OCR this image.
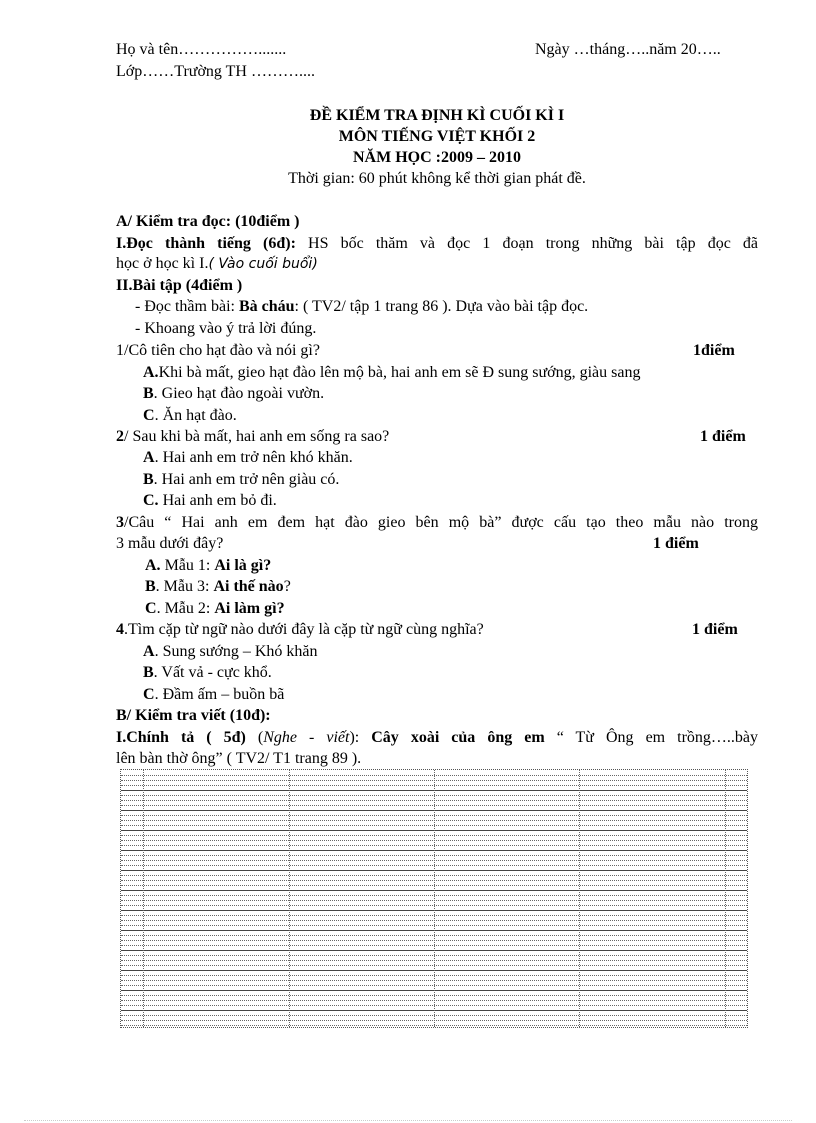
Họ và tên…………….......	Ngày …tháng…..năm 20…..
Lớp……Trường TH ………....
ĐỀ KIỂM TRA ĐỊNH KÌ CUỐI KÌ I
MÔN TIẾNG VIỆT KHỐI 2
NĂM HỌC :2009 – 2010
Thời gian: 60 phút không kể thời gian phát đề.
A/ Kiểm tra đọc: (10điểm )
I.Đọc thành tiếng (6đ): HS bốc thăm và đọc 1 đoạn trong những bài tập đọc đã
học ở học kì I.( Vào cuối buổi)
II.Bài tập (4điểm )
- Đọc thầm bài: Bà cháu: ( TV2/ tập 1 trang 86 ). Dựa vào bài tập đọc.
- Khoang vào ý trả lời đúng.
1/Cô tiên cho hạt đào và nói gì?	1điểm
A.Khi bà mất, gieo hạt đào lên mộ bà, hai anh em sẽ Đ sung sướng, giàu sang
B. Gieo hạt đào ngoài vườn.
C. Ăn hạt đào.
2/ Sau khi bà mất, hai anh em sống ra sao?	1 điểm
A. Hai anh em trở nên khó khăn.
B. Hai anh em trở nên giàu có.
C. Hai anh em bỏ đi.
3/Câu “ Hai anh em đem hạt đào gieo bên mộ bà” được cấu tạo theo mẫu nào trong
3 mẫu dưới đây?	1 điểm
A. Mẫu 1: Ai là gì?
B. Mẫu 3: Ai thế nào?
C. Mẫu 2: Ai làm gì?
4.Tìm cặp từ ngữ nào dưới đây là cặp từ ngữ cùng nghĩa?	1 điểm
A. Sung sướng – Khó khăn
B. Vất vả - cực khổ.
C. Đầm ấm – buồn bã
B/ Kiểm tra viết (10đ):
I.Chính tả ( 5đ) (Nghe - viết): Cây xoài của ông em “ Từ Ông em trồng…..bày
lên bàn thờ ông” ( TV2/ T1 trang 89 ).
